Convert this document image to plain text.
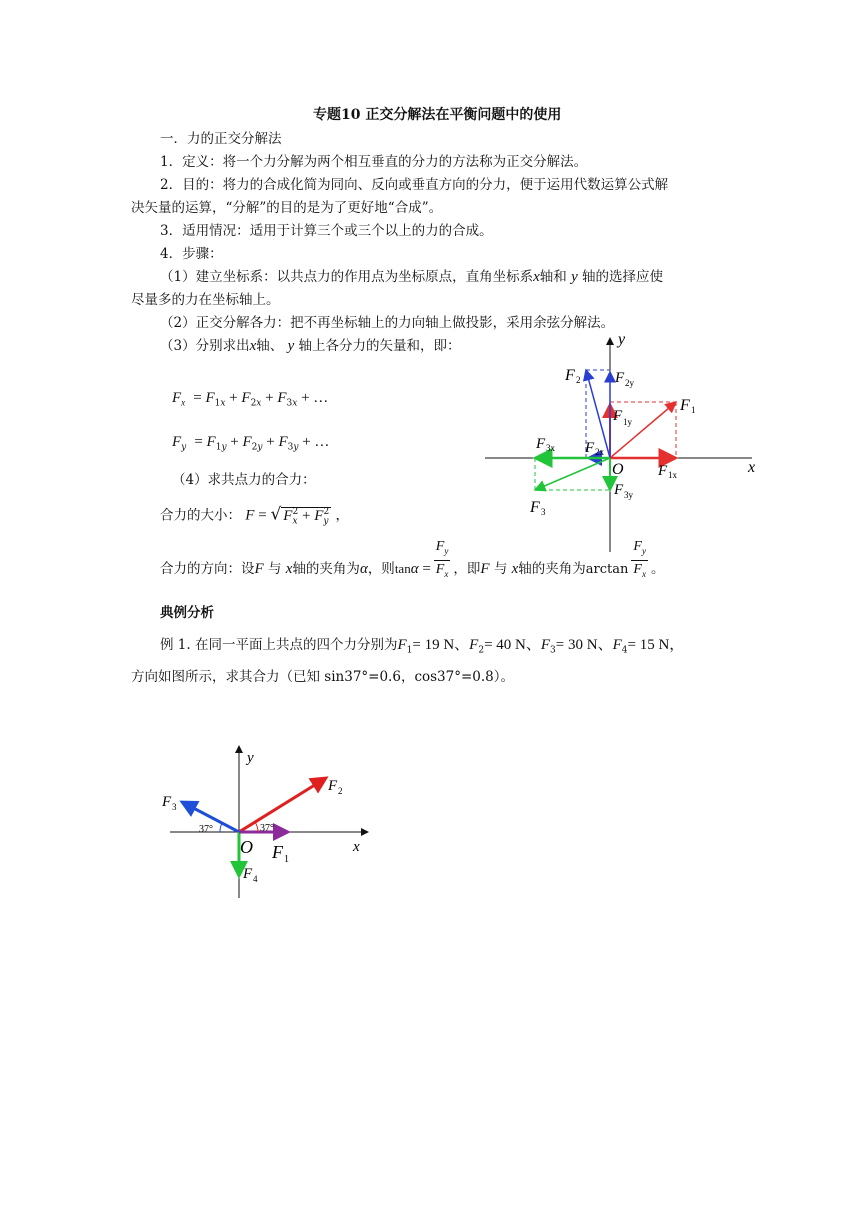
专题10 正交分解法在平衡问题中的使用
一．力的正交分解法
1．定义：将一个力分解为两个相互垂直的分力的方法称为正交分解法。
2．目的：将力的合成化简为同向、反向或垂直方向的分力，便于运用代数运算公式解
决矢量的运算，“分解”的目的是为了更好地“合成”。
3．适用情况：适用于计算三个或三个以上的力的合成。
4．步骤：
（1）建立坐标系：以共点力的作用点为坐标原点，直角坐标系x轴和 y 轴的选择应使
尽量多的力在坐标轴上。
（2）正交分解各力：把不再坐标轴上的力向轴上做投影，采用余弦分解法。
（3）分别求出x轴、 y 轴上各分力的矢量和，即：
$F_x = F_{1x} + F_{2x} + F_{3x}$ + …
$F_y = F_{1y} + F_{2y} + F_{3y}$ + …
（4）求共点力的合力：
合力的大小： F = √ $F_x^2 + F_y^2$ ，
合力的方向：设F 与 x轴的夹角为α，则$\tan\alpha = \frac{F_y}{F_x}$ ，即F 与 x轴的夹角为$\arctan \frac{F_y}{F_x}$ 。
典例分析
例 1. 在同一平面上共点的四个力分别为$F_1= 19$ N、$F_2= 40$ N、$F_3= 30$ N、$F_4= 15$ N，
方向如图所示，求其合力（已知 sin37°=0.6，cos37°=0.8）。
x
y
O
F 1
F 2
F 3
F 1x
F 1y
F 2y
F 2x
F 3x
F 3y
y
x
O F 1
F 2
F 3
F 4
37°	37°
